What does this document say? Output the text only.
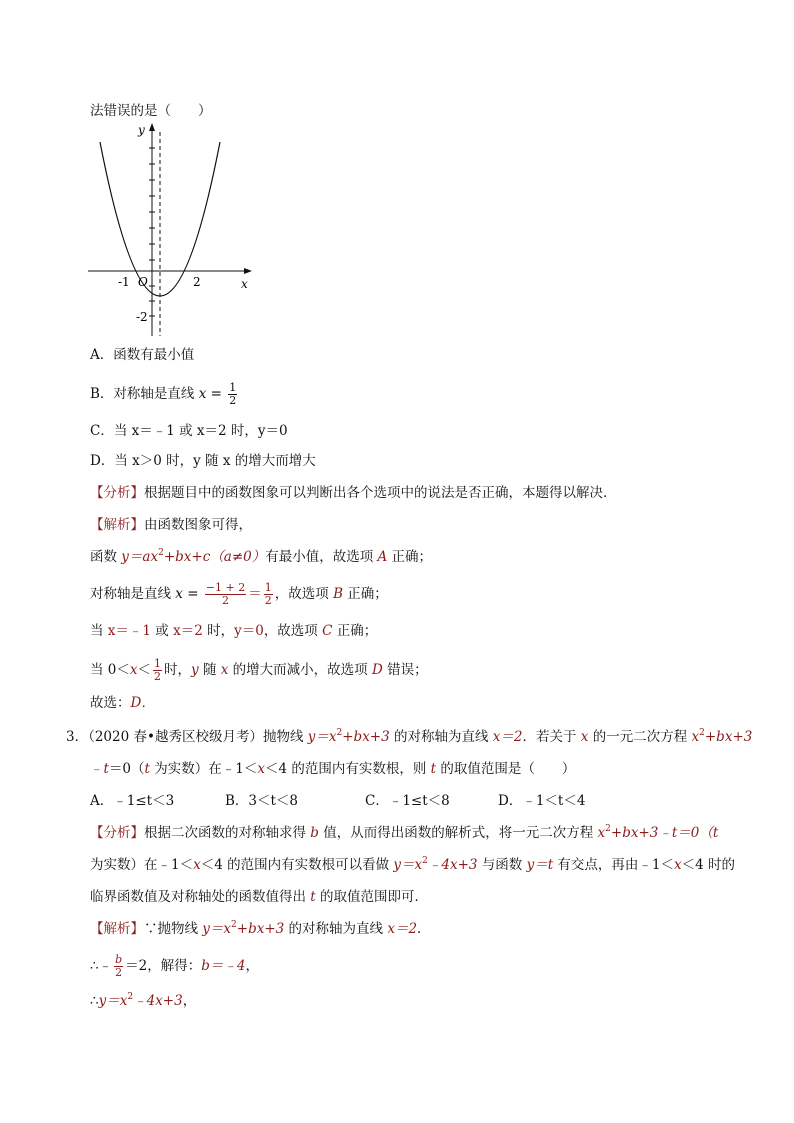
法错误的是（　　）
y
x
O
-1	2
-2
A．函数有最小值
B．对称轴是直线 $x = \frac{1}{2}$
C．当 x＝﹣1 或 x＝2 时，y＝0
D．当 x＞0 时，y 随 x 的增大而增大
【分析】根据题目中的函数图象可以判断出各个选项中的说法是否正确，本题得以解决．
【解析】由函数图象可得，
函数 $y=ax^2+bx+c(a\ne 0)$有最小值，故选项 A 正确；
对称轴是直线 $x = \frac{-1 + 2}{2} = \frac{1}{2}$ ，故选项 B 正确；
当 x＝﹣1 或 x＝2 时，y＝0，故选项 C 正确；
当 $0<x< \frac{1}{2}$ 时，y 随 x 的增大而减小，故选项 D 错误；
故选：D．
3．（2020 春•越秀区校级月考）抛物线 $y=x^2+bx+3$ 的对称轴为直线 x＝2．若关于 x 的一元二次方程 $x^2+bx+3$
﹣t＝0（t 为实数）在﹣1＜x＜4 的范围内有实数根，则 t 的取值范围是（　　）
A．﹣1≤t＜3	B．3＜t＜8	C．﹣1≤t＜8	D．﹣1＜t＜4
【分析】根据二次函数的对称轴求得 b 值，从而得出函数的解析式，将一元二次方程 $x^2+bx+3﹣t=0(t$
为实数）在﹣1＜x＜4 的范围内有实数根可以看做 $y=x^2﹣4x+3$ 与函数 y＝t 有交点，再由﹣1＜x＜4 时的
临界函数值及对称轴处的函数值得出 t 的取值范围即可．
【解析】∵抛物线 $y=x^2+bx+3$ 的对称轴为直线 x＝2．
∴﹣ $\frac{b}{2} =2$，解得：b＝﹣4，
$\therefore y=x^2﹣4x+3$，
